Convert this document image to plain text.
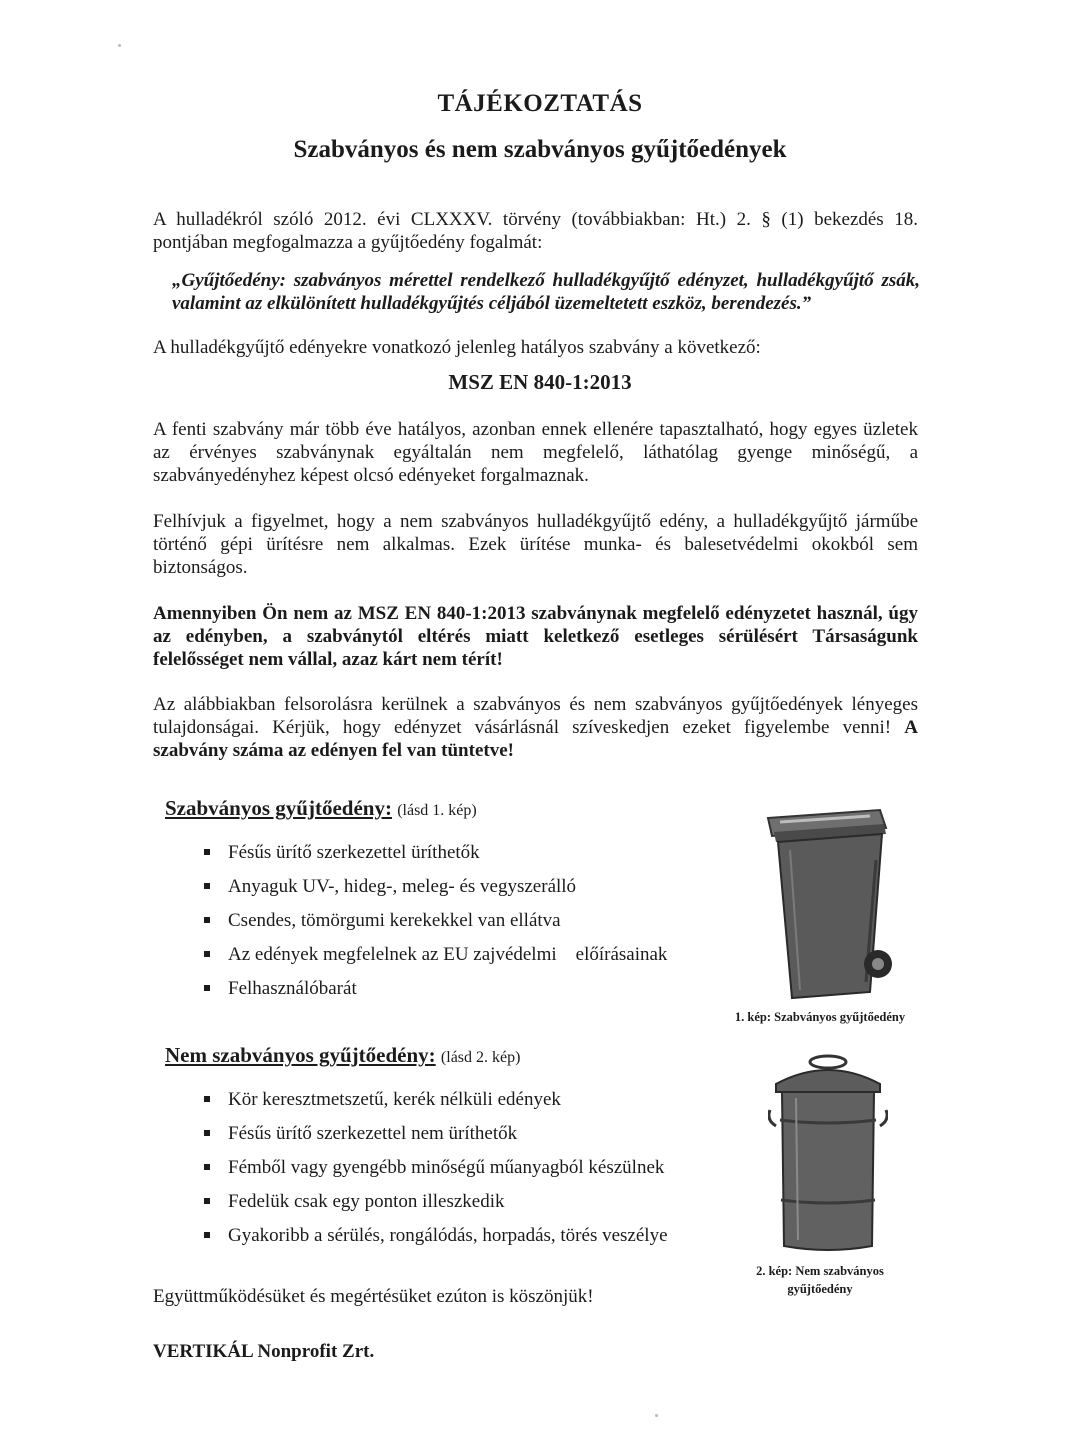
TÁJÉKOZTATÁS
Szabványos és nem szabványos gyűjtőedények
A hulladékról szóló 2012. évi CLXXXV. törvény (továbbiakban: Ht.) 2. § (1) bekezdés 18. pontjában megfogalmazza a gyűjtőedény fogalmát:
„Gyűjtőedény: szabványos mérettel rendelkező hulladékgyűjtő edényzet, hulladékgyűjtő zsák, valamint az elkülönített hulladékgyűjtés céljából üzemeltetett eszköz, berendezés.”
A hulladékgyűjtő edényekre vonatkozó jelenleg hatályos szabvány a következő:
MSZ EN 840-1:2013
A fenti szabvány már több éve hatályos, azonban ennek ellenére tapasztalható, hogy egyes üzletek az érvényes szabványnak egyáltalán nem megfelelő, láthatólag gyenge minőségű, a szabványedényhez képest olcsó edényeket forgalmaznak.
Felhívjuk a figyelmet, hogy a nem szabványos hulladékgyűjtő edény, a hulladékgyűjtő járműbe történő gépi ürítésre nem alkalmas. Ezek ürítése munka- és balesetvédelmi okokból sem biztonságos.
Amennyiben Ön nem az MSZ EN 840-1:2013 szabványnak megfelelő edényzetet használ, úgy az edényben, a szabványtól eltérés miatt keletkező esetleges sérülésért Társaságunk felelősséget nem vállal, azaz kárt nem térít!
Az alábbiakban felsorolásra kerülnek a szabványos és nem szabványos gyűjtőedények lényeges tulajdonságai. Kérjük, hogy edényzet vásárlásnál szíveskedjen ezeket figyelembe venni! A szabvány száma az edényen fel van tüntetve!
Szabványos gyűjtőedény: (lásd 1. kép)
Fésűs ürítő szerkezettel üríthetők
Anyaguk UV-, hideg-, meleg- és vegyszerálló
Csendes, tömörgumi kerekekkel van ellátva
Az edények megfelelnek az EU zajvédelmi    előírásainak
Felhasználóbarát
1. kép: Szabványos gyűjtőedény
Nem szabványos gyűjtőedény: (lásd 2. kép)
Kör keresztmetszetű, kerék nélküli edények
Fésűs ürítő szerkezettel nem üríthetők
Fémből vagy gyengébb minőségű műanyagból készülnek
Fedelük csak egy ponton illeszkedik
Gyakoribb a sérülés, rongálódás, horpadás, törés veszélye
2. kép: Nem szabványos
gyűjtőedény
Együttműködésüket és megértésüket ezúton is köszönjük!
VERTIKÁL Nonprofit Zrt.
